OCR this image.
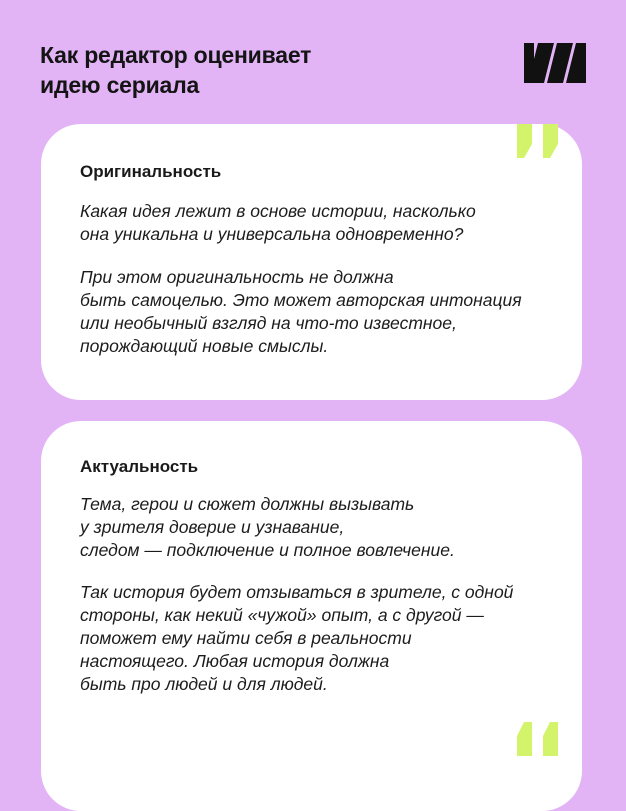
Как редактор оценивает
идею сериала
Оригинальность
Какая идея лежит в основе истории, насколько
она уникальна и универсальна одновременно?
При этом оригинальность не должна
быть самоцелью. Это может авторская интонация
или необычный взгляд на что-то известное,
порождающий новые смыслы.
Актуальность
Тема, герои и сюжет должны вызывать
у зрителя доверие и узнавание,
следом — подключение и полное вовлечение.
Так история будет отзываться в зрителе, с одной
стороны, как некий «чужой» опыт, а с другой —
поможет ему найти себя в реальности
настоящего. Любая история должна
быть про людей и для людей.
